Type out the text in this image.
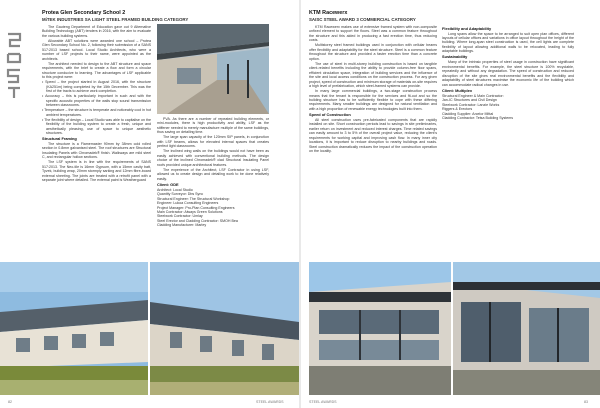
Protea Glen Secondary School 2
MiTEK INDUSTRIES SA LIGHT STEEL FRAMED BUILDING CATEGORY

The Gauteng Department of Education gave out 9 Alternative Building Technology (ABT) tenders in 2016, with the aim to evaluate the various building systems.

Allowable ABT solutions were awarded one school – Protea Glen Secondary School No. 2, following their submission of a SANS 517:2013 based school. Local Studio Architects, who were a number of LSF projects to their name, were appointed as the architects.

The architect needed to design to the ABT structure and space requirements, with the brief to create a flow and form a circular structure conducive to learning. The advantages of LSF applicable to this project were:

• Speed – the project started in August 2016, with the structure (KA251m) being completed by the 15th December. This was the first of the tracts to achieve work completion.

• Accuracy – this is particularly important in such and with the specific acoustic properties of the walls stop sound transmission between classrooms.

• Temperature – the structure is temperate and noticeably cool in hot ambient temperatures.

• The flexibility of design – Local Studio was able to capitalise on the flexibility of the building system to create a fresh, unique and aesthetically pleasing, use of space to unique aesthetic structures.

Structural Framing

The structure is a Flamemaster 90mm by 38mm cold rolled section in 0.8mm galvanised steel. The roof structures are Structural Insulating Panels with Chromadek® finish. Walkways are mild steel C, and rectangular hollow sections.

The LSF system is in line with the requirements of SANS 517:2013. The Neo-tile is 16mm Gypsum, with a 15mm cavity batt, Tyvek, building wrap, 20mm stormply sarking and 12mm fibre-board external sheeting. The joints are treated with a retrofit panel with a separate joint where detailed. The external paint is Weatherguard

PVA. As there are a number of repeated building elements, or mini-modules, there is high productivity and ability, LSF as the stiffener needed to merely manufacture multiple of the same buildings, thus saving on detailing time.

The large span capacity of the 120mm SIP panels, in conjunction with LSF beams, allows for elevated internal spaces that creates perfect light classrooms.

The inclined wing walls on the buildings would not have been as easily achieved with conventional building methods. The design choice of the inclined Chromadek® clad Structural Insulating Panel roofs provided unique architectural features.

The experience of the Architect, LSF Contractor in using LSF, allowed us to create design and detailing work to be done relatively easily.

Client: GDE

Architect: Local Studio

Quantity Surveyor: Dbs Sync

Structural Engineer: The Structural Workshop

Engineer: Lukoa Consulting Engineers

Project Manager: Pro-Plan Consulting Engineers

Main Contractor: Always Green Solutions

Steelwork Contractor: Umlay

Steel Erector and Cladding Contractor: SMOH Bea

Cladding Manufacturer: Marley

82	STEEL AWARDS
KTM Racewerx
SAISC STEEL AWARD 3 COMMERCIAL CATEGORY

KTM Racewerx makes use of extensive framed system with non-composite unfixed element to support the floors. Steel was a common feature throughout the structure and this aided in producing a fast erection time, thus reducing costs.

Multistorey steel framed buildings used in conjunction with cellular beams offer flexibility and adaptability for the steel structure. Steel is a common feature throughout the structure and provided a faster erection time than a concrete option.

The use of steel in multi-storey building construction is based on tangible client-related benefits including the ability to provide column-free floor spans, efficient circulation space, integration of building services and the influence of the site and local access conditions on the construction process. For any given project, speed of construction and minimum storage of materials on-site requires a high level of prefabrication, which steel-framed systems can provide.

In many large commercial buildings, a two-stage construction process means that the tenant is responsible for the services and fit-out and so the building structure has to be sufficiently flexible to cope with these differing requirements. Many smaller buildings are designed for natural ventilation and with a high proportion of renewable energy technologies built into them.

Speed of Construction

All steel construction uses pre-fabricated components that are rapidly installed on site. Short construction periods lead to savings in site preliminaries, earlier return on investment and reduced interest charges. Time related savings can easily amount to 3 to 5% of the overall project value, reducing the client's requirements for working capital and improving cash flow. In many inner city locations, it is important to reduce disruption to nearby buildings and roads. Steel construction dramatically reduces the impact of the construction operation on the locality.

Flexibility and Adaptability

Long spans allow the space to be arranged to suit open plan offices, different layouts of cellular offices and variations in office layout throughout the height of the building. Where long-span steel construction is used, the cell lights are complete flexibility of layout allowing additional walls to be relocated, leading to fully adaptable buildings.

Sustainability

Many of the intrinsic properties of steel usage in construction have significant environmental benefits. For example, the steel structure is 100% recyclable, repeatedly and without any degradation. The speed of construction and reduced disruption of the site gives real environmental benefits and the flexibility and adaptability of steel structures maximise the economic life of the building which can accommodate radical changes in use.

Client: Multiplex

Structural Engineer & Main Contractor:

Jan-IC Structures and Civil Design

Steelwork Contractor: Lanzie Works

Riggers & Erectors

Cladding Supplier: Arcelor Mittal

Cladding Contractor: Tetsa Building Systems

STEEL AWARDS	83
